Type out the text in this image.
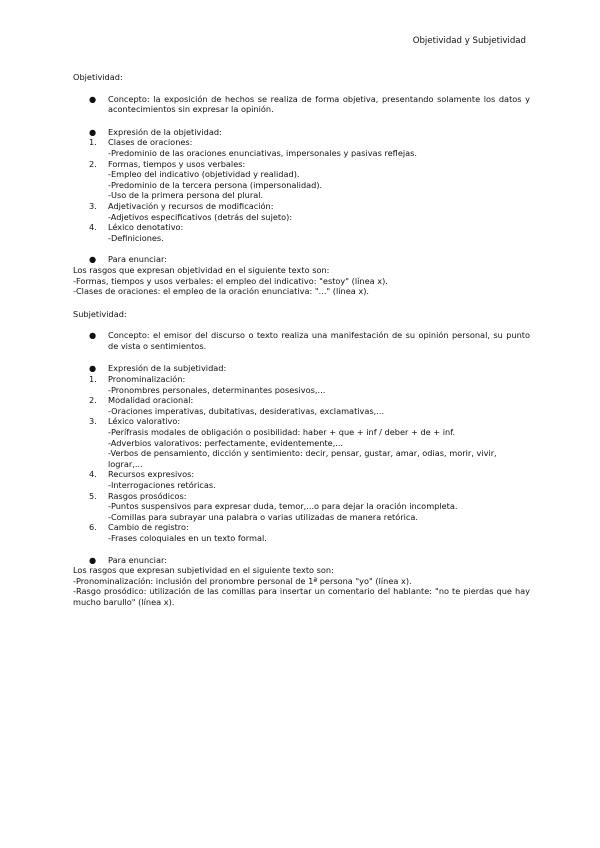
Objetividad y Subjetividad
Objetividad:
● Concepto: la exposición de hechos se realiza de forma objetiva, presentando solamente los datos y acontecimientos sin expresar la opinión.
● Expresión de la objetividad:
1. Clases de oraciones:
-Predominio de las oraciones enunciativas, impersonales y pasivas reflejas.
2. Formas, tiempos y usos verbales:
-Empleo del indicativo (objetividad y realidad).
-Predominio de la tercera persona (impersonalidad).
-Uso de la primera persona del plural.
3. Adjetivación y recursos de modificación:
-Adjetivos especificativos (detrás del sujeto):
4. Léxico denotativo:
-Definiciones.
● Para enunciar:
Los rasgos que expresan objetividad en el siguiente texto son:
-Formas, tiempos y usos verbales: el empleo del indicativo: "estoy" (línea x).
-Clases de oraciones: el empleo de la oración enunciativa: "..." (línea x).
Subjetividad:
● Concepto: el emisor del discurso o texto realiza una manifestación de su opinión personal, su punto de vista o sentimientos.
● Expresión de la subjetividad:
1. Pronominalización:
-Pronombres personales, determinantes posesivos,...
2. Modalidad oracional:
-Oraciones imperativas, dubitativas, desiderativas, exclamativas,...
3. Léxico valorativo:
-Perífrasis modales de obligación o posibilidad: haber + que + inf / deber + de + inf.
-Adverbios valorativos: perfectamente, evidentemente,...
-Verbos de pensamiento, dicción y sentimiento: decir, pensar, gustar, amar, odias, morir, vivir, lograr,...
4. Recursos expresivos:
-Interrogaciones retóricas.
5. Rasgos prosódicos:
-Puntos suspensivos para expresar duda, temor,...o para dejar la oración incompleta.
-Comillas para subrayar una palabra o varias utilizadas de manera retórica.
6. Cambio de registro:
-Frases coloquiales en un texto formal.
● Para enunciar:
Los rasgos que expresan subjetividad en el siguiente texto son:
-Pronominalización: inclusión del pronombre personal de 1ª persona "yo" (línea x).
-Rasgo prosódico: utilización de las comillas para insertar un comentario del hablante: "no te pierdas que hay mucho barullo" (línea x).
